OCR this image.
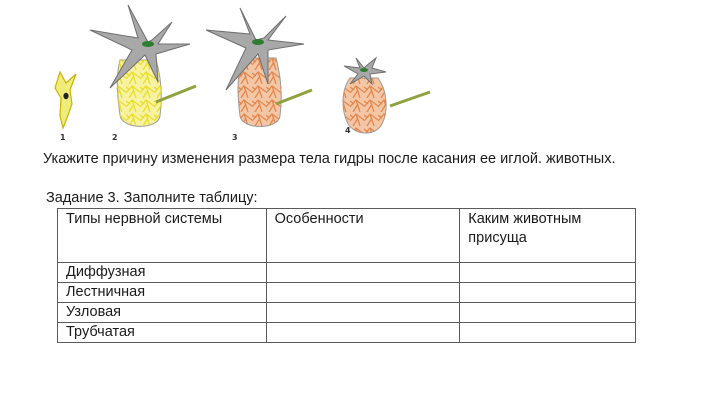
1	2	3
4

Укажите причину изменения размера тела гидры после касания ее иглой. животных.

Задание 3. Заполните таблицу:

Типы нервной системы	Особенности	Каким животным присуща
Диффузная		
Лестничная		
Узловая		
Трубчатая		
